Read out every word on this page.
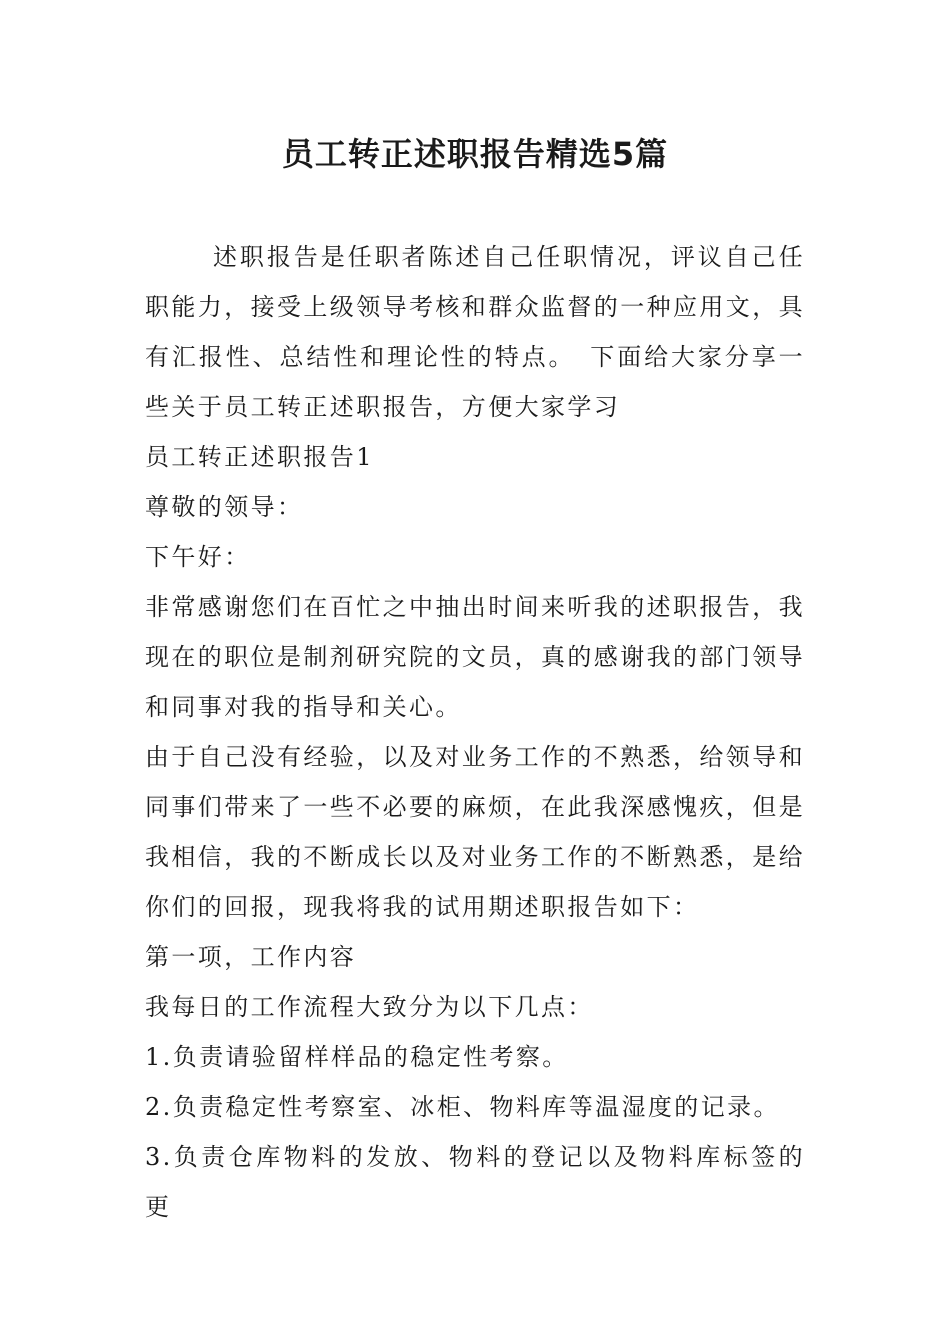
员工转正述职报告精选5篇

述职报告是任职者陈述自己任职情况，评议自己任职能力，接受上级领导考核和群众监督的一种应用文，具有汇报性、总结性和理论性的特点。　下面给大家分享一些关于员工转正述职报告，方便大家学习

员工转正述职报告1

尊敬的领导：

下午好：

非常感谢您们在百忙之中抽出时间来听我的述职报告，我现在的职位是制剂研究院的文员，真的感谢我的部门领导和同事对我的指导和关心。

由于自己没有经验，以及对业务工作的不熟悉，给领导和同事们带来了一些不必要的麻烦，在此我深感愧疚，但是我相信，我的不断成长以及对业务工作的不断熟悉，是给你们的回报，现我将我的试用期述职报告如下：

第一项，工作内容

我每日的工作流程大致分为以下几点：

1.负责请验留样样品的稳定性考察。

2.负责稳定性考察室、冰柜、物料库等温湿度的记录。

3.负责仓库物料的发放、物料的登记以及物料库标签的更
